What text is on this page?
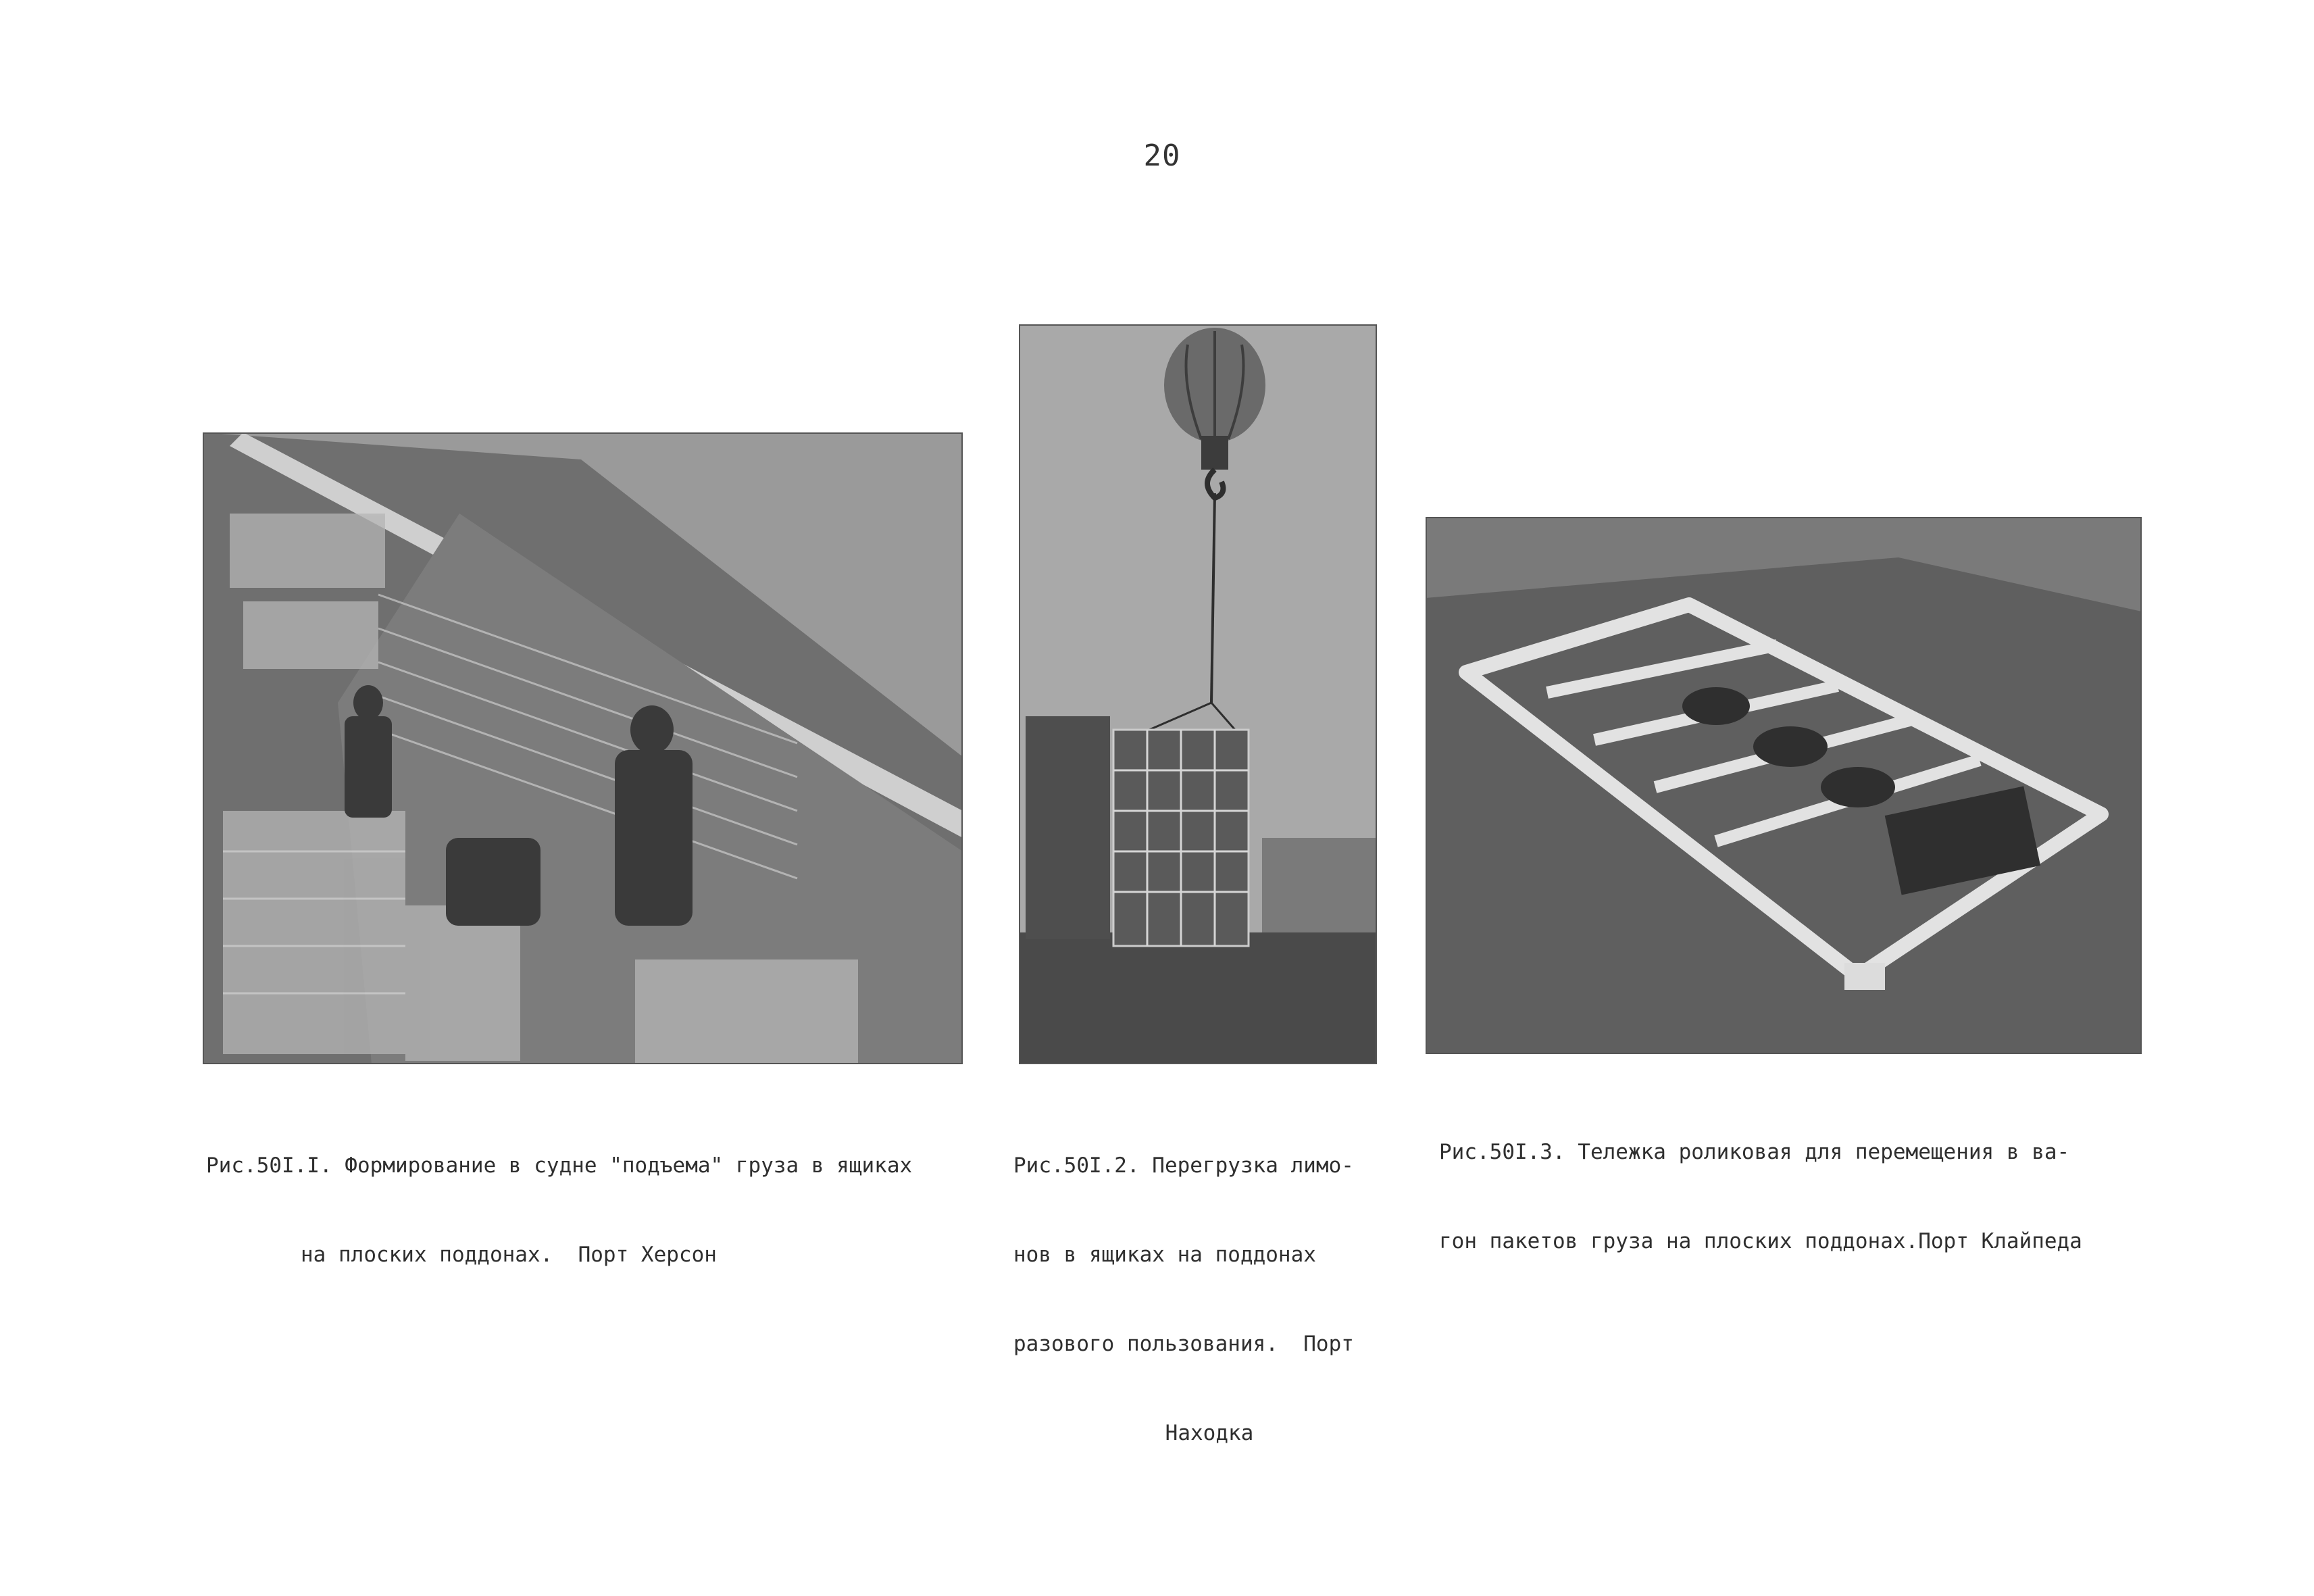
20

Рис.50I.I. Формирование в судне "подъема" груза в ящиках

на плоских поддонах.  Порт Херсон

Рис.50I.2. Перегрузка лимо-

нов в ящиках на поддонах

разового пользования.  Порт

Находка

Рис.50I.3. Тележка роликовая для перемещения в ва-

гон пакетов груза на плоских поддонах.Порт Клайпеда
